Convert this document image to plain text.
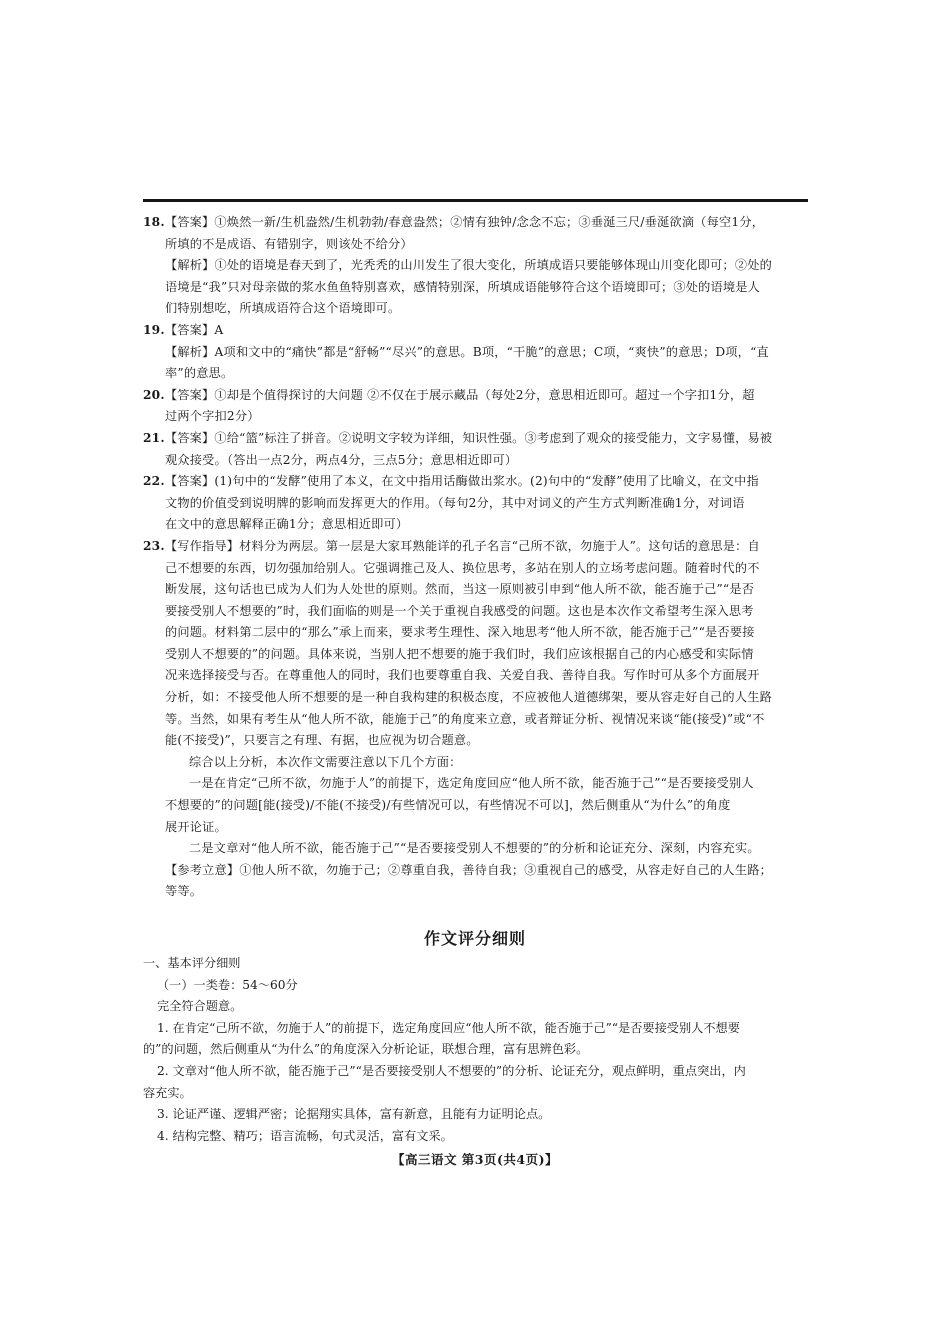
18.【答案】①焕然一新/生机盎然/生机勃勃/春意盎然；②情有独钟/念念不忘；③垂涎三尺/垂涎欲滴（每空1分，
所填的不是成语、有错别字，则该处不给分）
【解析】①处的语境是春天到了，光秃秃的山川发生了很大变化，所填成语只要能够体现山川变化即可；②处的
语境是“我”只对母亲做的浆水鱼鱼特别喜欢，感情特别深，所填成语能够符合这个语境即可；③处的语境是人
们特别想吃，所填成语符合这个语境即可。
19.【答案】A
【解析】A项和文中的“痛快”都是“舒畅”“尽兴”的意思。B项，“干脆”的意思；C项，“爽快”的意思；D项，“直
率”的意思。
20.【答案】①却是个值得探讨的大问题 ②不仅在于展示藏品（每处2分，意思相近即可。超过一个字扣1分，超
过两个字扣2分）
21.【答案】①给“篮”标注了拼音。②说明文字较为详细，知识性强。③考虑到了观众的接受能力，文字易懂，易被
观众接受。（答出一点2分，两点4分，三点5分；意思相近即可）
22.【答案】(1)句中的“发酵”使用了本义，在文中指用话酶做出浆水。(2)句中的“发酵”使用了比喻义，在文中指
文物的价值受到说明牌的影响而发挥更大的作用。（每句2分，其中对词义的产生方式判断准确1分，对词语
在文中的意思解释正确1分；意思相近即可）
23.【写作指导】材料分为两层。第一层是大家耳熟能详的孔子名言“己所不欲，勿施于人”。这句话的意思是：自
己不想要的东西，切勿强加给别人。它强调推己及人、换位思考，多站在别人的立场考虑问题。随着时代的不
断发展，这句话也已成为人们为人处世的原则。然而，当这一原则被引申到“他人所不欲，能否施于己”“是否
要接受别人不想要的”时，我们面临的则是一个关于重视自我感受的问题。这也是本次作文希望考生深入思考
的问题。材料第二层中的“那么”承上而来，要求考生理性、深入地思考“他人所不欲，能否施于己”“是否要接
受别人不想要的”的问题。具体来说，当别人把不想要的施于我们时，我们应该根据自己的内心感受和实际情
况来选择接受与否。在尊重他人的同时，我们也要尊重自我、关爱自我、善待自我。写作时可从多个方面展开
分析，如：不接受他人所不想要的是一种自我构建的积极态度，不应被他人道德绑架，要从容走好自己的人生路
等。当然，如果有考生从“他人所不欲，能施于己”的角度来立意，或者辩证分析、视情况来谈“能(接受)”或“不
能(不接受)”，只要言之有理、有据，也应视为切合题意。
综合以上分析，本次作文需要注意以下几个方面：
一是在肯定“己所不欲，勿施于人”的前提下，选定角度回应“他人所不欲，能否施于己”“是否要接受别人
不想要的”的问题[能(接受)/不能(不接受)/有些情况可以，有些情况不可以]，然后侧重从“为什么”的角度
展开论证。
二是文章对“他人所不欲，能否施于己”“是否要接受别人不想要的”的分析和论证充分、深刻，内容充实。
【参考立意】①他人所不欲，勿施于己；②尊重自我，善待自我；③重视自己的感受，从容走好自己的人生路；
等等。
作文评分细则
一、基本评分细则
（一）一类卷：54～60分
完全符合题意。
1. 在肯定“己所不欲，勿施于人”的前提下，选定角度回应“他人所不欲，能否施于己”“是否要接受别人不想要
的”的问题，然后侧重从“为什么”的角度深入分析论证，联想合理，富有思辨色彩。
2. 文章对“他人所不欲，能否施于己”“是否要接受别人不想要的”的分析、论证充分，观点鲜明，重点突出，内
容充实。
3. 论证严谨、逻辑严密；论据翔实具体，富有新意，且能有力证明论点。
4. 结构完整、精巧；语言流畅，句式灵活，富有文采。
【高三语文 第3页(共4页)】
